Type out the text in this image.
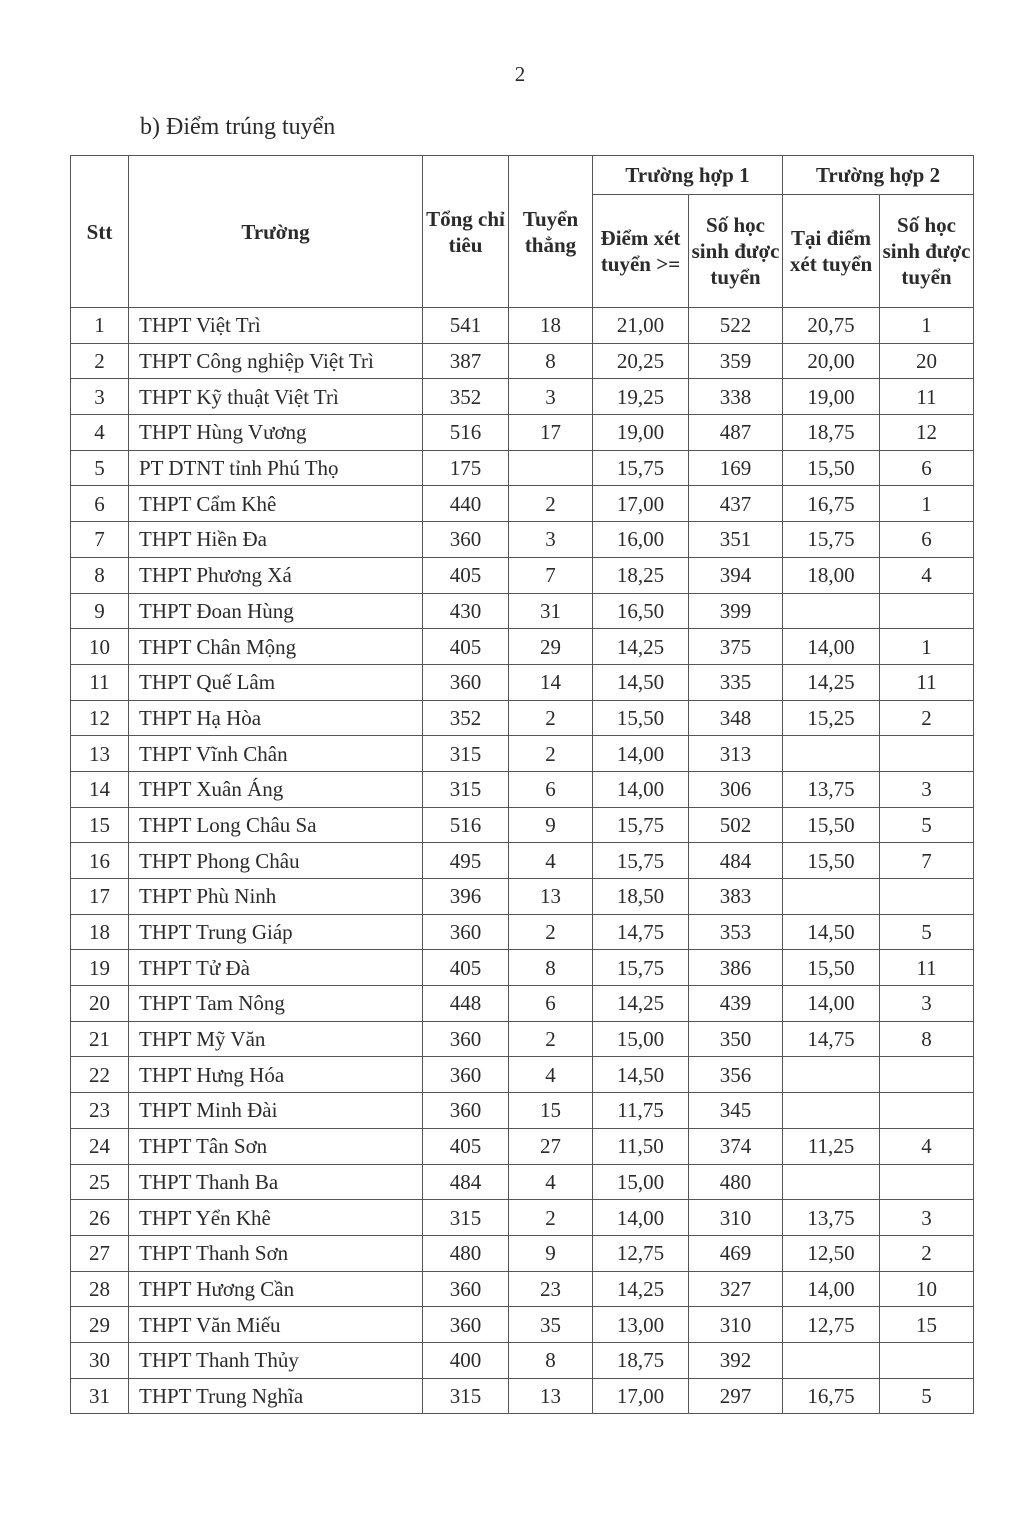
2
b) Điểm trúng tuyển
Stt	Trường	Tổng chỉ tiêu	Tuyển thẳng	Trường hợp 1		Trường hợp 2	
				Điểm xét tuyển >=	Số học sinh được tuyển	Tại điểm xét tuyển	Số học sinh được tuyển
1	THPT Việt Trì	541	18	21,00	522	20,75	1
2	THPT Công nghiệp Việt Trì	387	8	20,25	359	20,00	20
3	THPT Kỹ thuật Việt Trì	352	3	19,25	338	19,00	11
4	THPT Hùng Vương	516	17	19,00	487	18,75	12
5	PT DTNT tỉnh Phú Thọ	175		15,75	169	15,50	6
6	THPT Cẩm Khê	440	2	17,00	437	16,75	1
7	THPT Hiền Đa	360	3	16,00	351	15,75	6
8	THPT Phương Xá	405	7	18,25	394	18,00	4
9	THPT Đoan Hùng	430	31	16,50	399		
10	THPT Chân Mộng	405	29	14,25	375	14,00	1
11	THPT Quế Lâm	360	14	14,50	335	14,25	11
12	THPT Hạ Hòa	352	2	15,50	348	15,25	2
13	THPT Vĩnh Chân	315	2	14,00	313		
14	THPT Xuân Áng	315	6	14,00	306	13,75	3
15	THPT Long Châu Sa	516	9	15,75	502	15,50	5
16	THPT Phong Châu	495	4	15,75	484	15,50	7
17	THPT Phù Ninh	396	13	18,50	383		
18	THPT Trung Giáp	360	2	14,75	353	14,50	5
19	THPT Tử Đà	405	8	15,75	386	15,50	11
20	THPT Tam Nông	448	6	14,25	439	14,00	3
21	THPT Mỹ Văn	360	2	15,00	350	14,75	8
22	THPT Hưng Hóa	360	4	14,50	356		
23	THPT Minh Đài	360	15	11,75	345		
24	THPT Tân Sơn	405	27	11,50	374	11,25	4
25	THPT Thanh Ba	484	4	15,00	480		
26	THPT Yển Khê	315	2	14,00	310	13,75	3
27	THPT Thanh Sơn	480	9	12,75	469	12,50	2
28	THPT Hương Cần	360	23	14,25	327	14,00	10
29	THPT Văn Miếu	360	35	13,00	310	12,75	15
30	THPT Thanh Thủy	400	8	18,75	392		
31	THPT Trung Nghĩa	315	13	17,00	297	16,75	5
